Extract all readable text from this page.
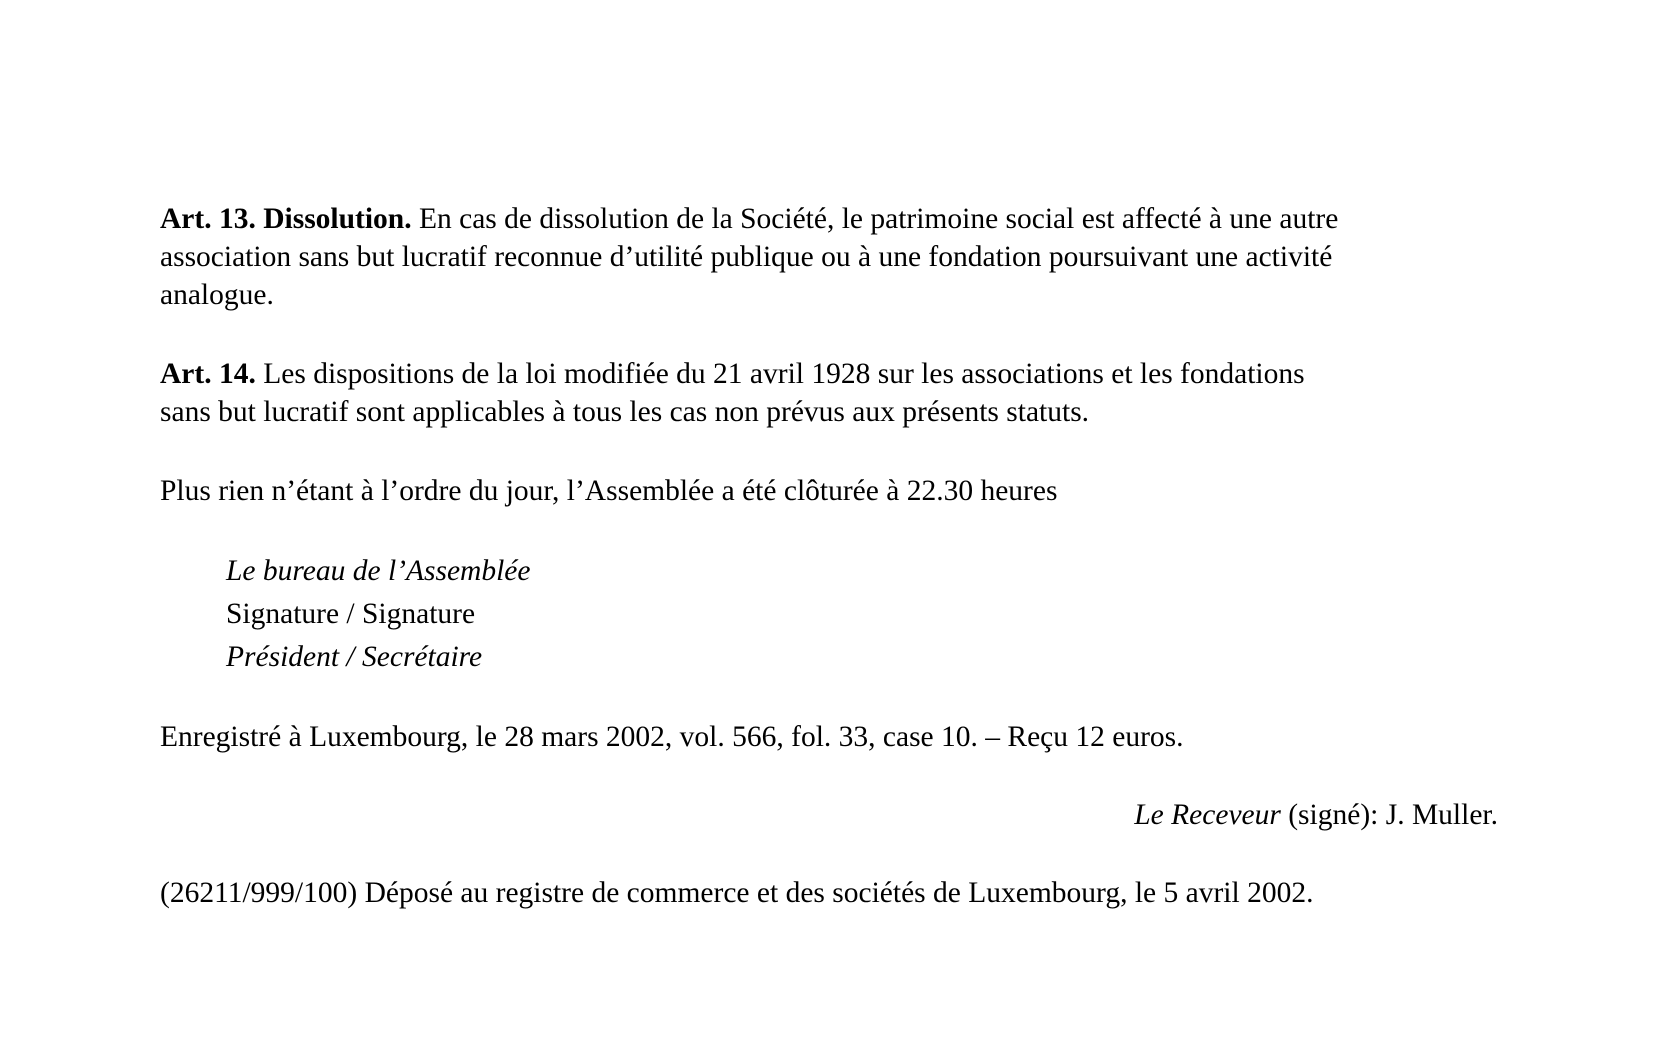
Art. 13. Dissolution. En cas de dissolution de la Société, le patrimoine social est affecté à une autre
association sans but lucratif reconnue d’utilité publique ou à une fondation poursuivant une activité
analogue.
Art. 14. Les dispositions de la loi modifiée du 21 avril 1928 sur les associations et les fondations
sans but lucratif sont applicables à tous les cas non prévus aux présents statuts.
Plus rien n’étant à l’ordre du jour, l’Assemblée a été clôturée à 22.30 heures
Le bureau de l’Assemblée
Signature / Signature
Président / Secrétaire
Enregistré à Luxembourg, le 28 mars 2002, vol. 566, fol. 33, case 10. – Reçu 12 euros.
Le Receveur (signé): J. Muller.
(26211/999/100) Déposé au registre de commerce et des sociétés de Luxembourg, le 5 avril 2002.
